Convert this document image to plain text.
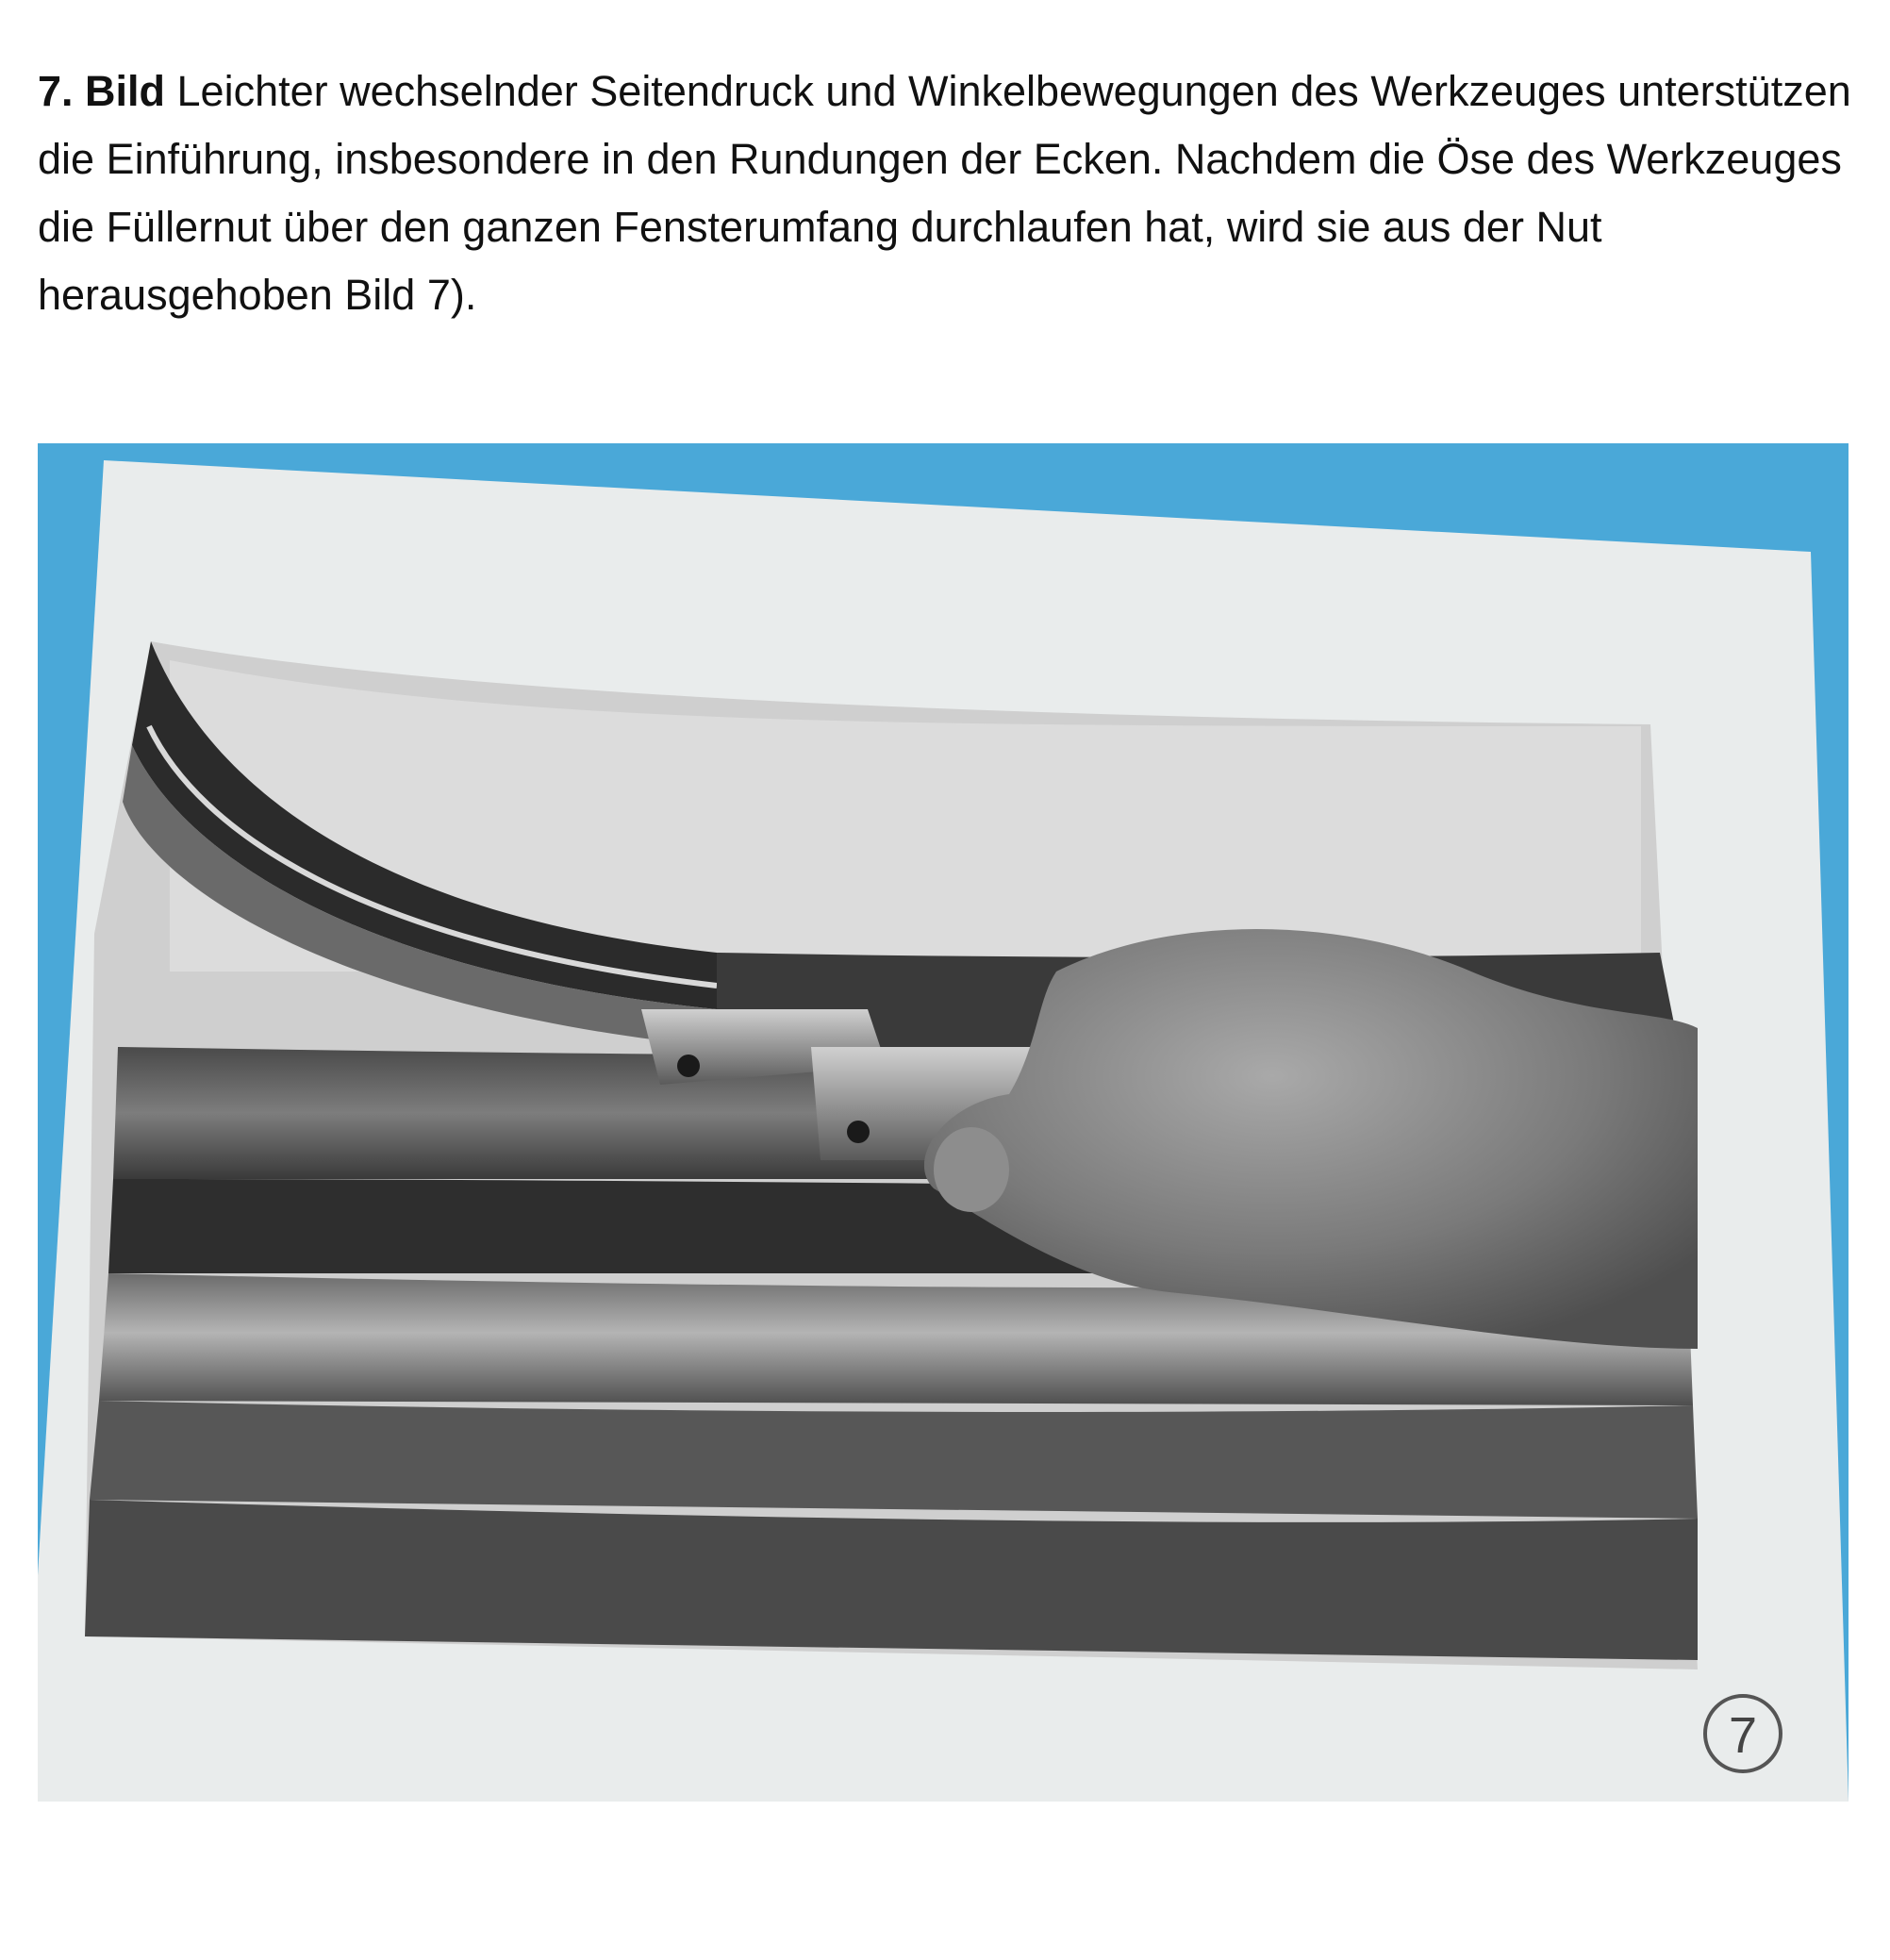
7. Bild Leichter wechselnder Seitendruck und Winkelbewegungen des Werkzeuges unterstützen die Einführung, insbesondere in den Rundungen der Ecken. Nachdem die Öse des Werkzeuges die Füllernut über den ganzen Fensterumfang durchlaufen hat, wird sie aus der Nut herausgehoben Bild 7).

7
